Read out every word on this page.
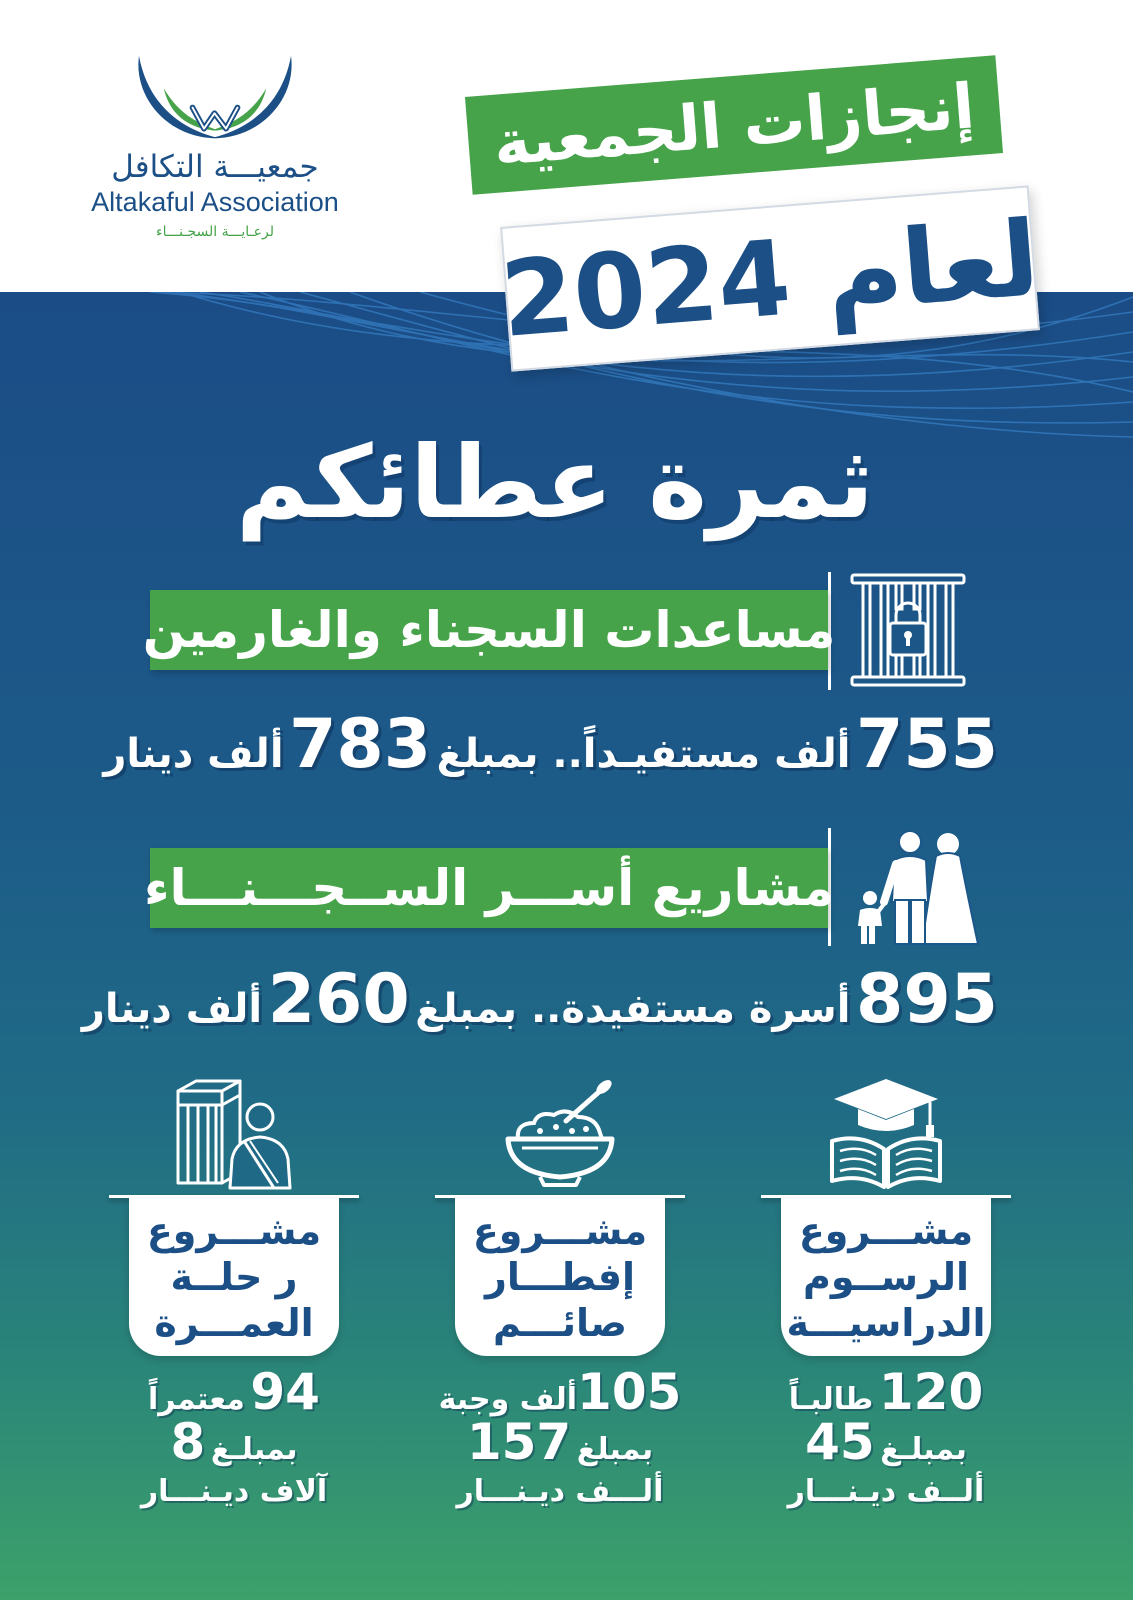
جمعيـــة التكافل
Altakaful Association
لرعـايـــة السجـنـــاء
إنجازات الجمعية
لعام 2024
ثمرة عطائكم
مساعدات السجناء والغارمين
755 ألف مستفيـداً.. بمبلغ 783 ألف دينار
مشاريع أســـر الســجـــنـــاء
895 أسرة مستفيدة.. بمبلغ 260 ألف دينار
مشـــروع
الرســوم
الدراسيـــة
120 طالبـاً
بمبلـغ 45
ألــف ديـنـــار
مشـــروع
إفطـــار
صائـــم
105ألف وجبة
بمبلغ 157
ألـــف ديـنـــار
مشـــروع
ر حلــة
العمـــرة
94 معتمراً
بمبلـغ 8
آلاف ديـنـــار
